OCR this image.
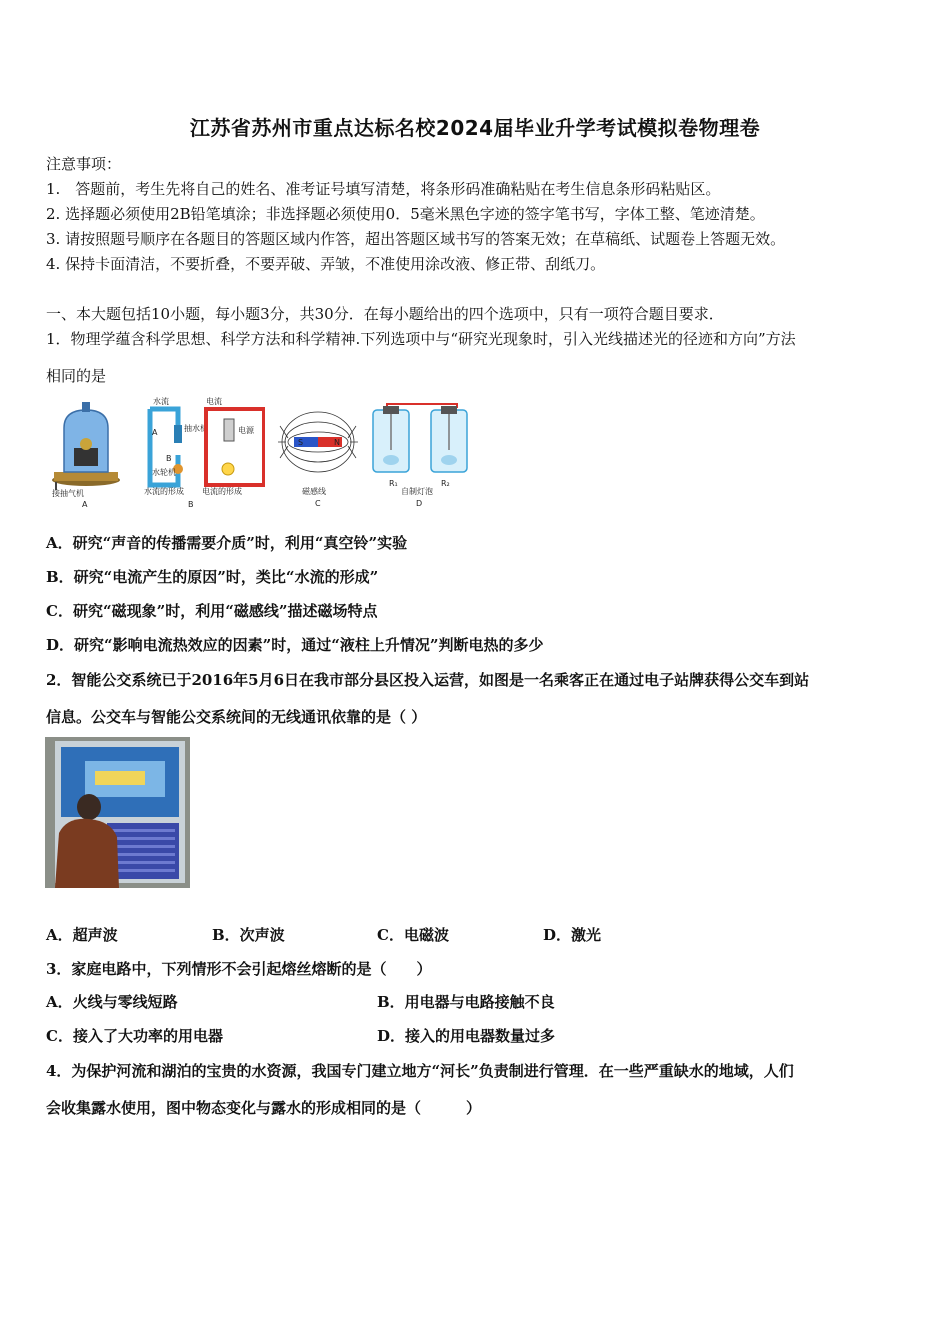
江苏省苏州市重点达标名校2024届毕业升学考试模拟卷物理卷
注意事项：
1.　答题前，考生先将自己的姓名、准考证号填写清楚，将条形码准确粘贴在考生信息条形码粘贴区。
2. 选择题必须使用2B铅笔填涂；非选择题必须使用0．5毫米黑色字迹的签字笔书写，字体工整、笔迹清楚。
3. 请按照题号顺序在各题目的答题区域内作答，超出答题区域书写的答案无效；在草稿纸、试题卷上答题无效。
4. 保持卡面清洁，不要折叠，不要弄破、弄皱，不准使用涂改液、修正带、刮纸刀。
一、本大题包括10小题，每小题3分，共30分．在每小题给出的四个选项中，只有一项符合题目要求．
1．物理学蕴含科学思想、科学方法和科学精神.下列选项中与“研究光现象时，引入光线描述光的径迹和方向”方法
相同的是
接抽气机
A
水流	电流
A
B
水轮机
抽水机	电源
水流的形成 电流的形成
B
S	N
磁感线
C
R₁	R₂
自制灯泡
D
A．研究“声音的传播需要介质”时，利用“真空铃”实验
B．研究“电流产生的原因”时，类比“水流的形成”
C．研究“磁现象”时，利用“磁感线”描述磁场特点
D．研究“影响电流热效应的因素”时，通过“液柱上升情况”判断电热的多少
2．智能公交系统已于2016年5月6日在我市部分县区投入运营，如图是一名乘客正在通过电子站牌获得公交车到站
信息。公交车与智能公交系统间的无线通讯依靠的是（ ）
A．超声波	B．次声波	C．电磁波	D．激光
3．家庭电路中，下列情形不会引起熔丝熔断的是（　　）
A．火线与零线短路	B．用电器与电路接触不良
C．接入了大功率的用电器	D．接入的用电器数量过多
4．为保护河流和湖泊的宝贵的水资源，我国专门建立地方“河长”负责制进行管理．在一些严重缺水的地域，人们
会收集露水使用，图中物态变化与露水的形成相同的是（　　　）
